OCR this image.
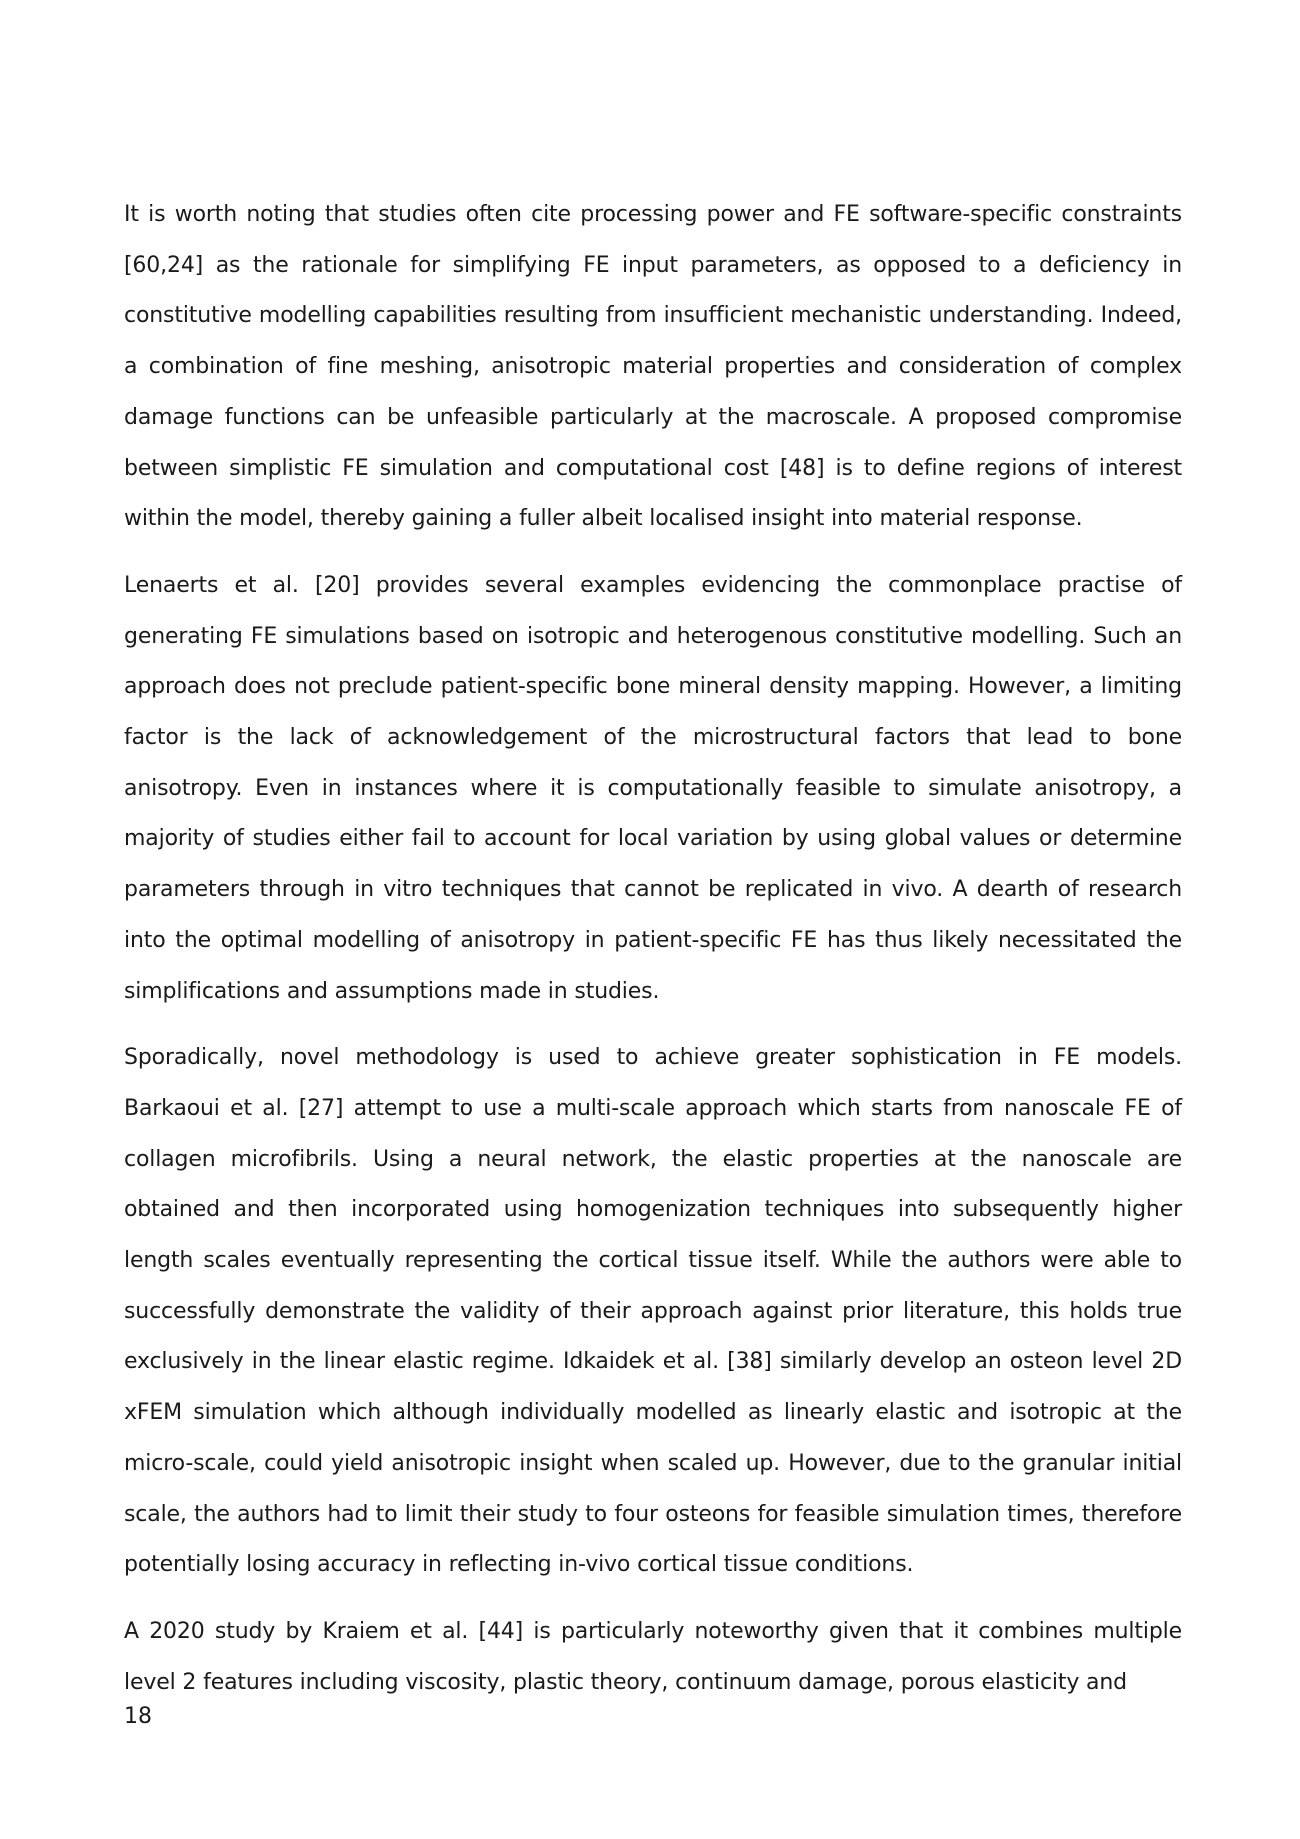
It is worth noting that studies often cite processing power and FE software-specific constraints [60,24] as the rationale for simplifying FE input parameters, as opposed to a deficiency in constitutive modelling capabilities resulting from insufficient mechanistic understanding. Indeed, a combination of fine meshing, anisotropic material properties and consideration of complex damage functions can be unfeasible particularly at the macroscale. A proposed compromise between simplistic FE simulation and computational cost [48] is to define regions of interest within the model, thereby gaining a fuller albeit localised insight into material response.

Lenaerts et al. [20] provides several examples evidencing the commonplace practise of generating FE simulations based on isotropic and heterogenous constitutive modelling. Such an approach does not preclude patient-specific bone mineral density mapping. However, a limiting factor is the lack of acknowledgement of the microstructural factors that lead to bone anisotropy. Even in instances where it is computationally feasible to simulate anisotropy, a majority of studies either fail to account for local variation by using global values or determine parameters through in vitro techniques that cannot be replicated in vivo. A dearth of research into the optimal modelling of anisotropy in patient-specific FE has thus likely necessitated the simplifications and assumptions made in studies.

Sporadically, novel methodology is used to achieve greater sophistication in FE models. Barkaoui et al. [27] attempt to use a multi-scale approach which starts from nanoscale FE of collagen microfibrils. Using a neural network, the elastic properties at the nanoscale are obtained and then incorporated using homogenization techniques into subsequently higher length scales eventually representing the cortical tissue itself. While the authors were able to successfully demonstrate the validity of their approach against prior literature, this holds true exclusively in the linear elastic regime. Idkaidek et al. [38] similarly develop an osteon level 2D xFEM simulation which although individually modelled as linearly elastic and isotropic at the micro-scale, could yield anisotropic insight when scaled up. However, due to the granular initial scale, the authors had to limit their study to four osteons for feasible simulation times, therefore potentially losing accuracy in reflecting in-vivo cortical tissue conditions.

A 2020 study by Kraiem et al. [44] is particularly noteworthy given that it combines multiple level 2 features including viscosity, plastic theory, continuum damage, porous elasticity and

18
